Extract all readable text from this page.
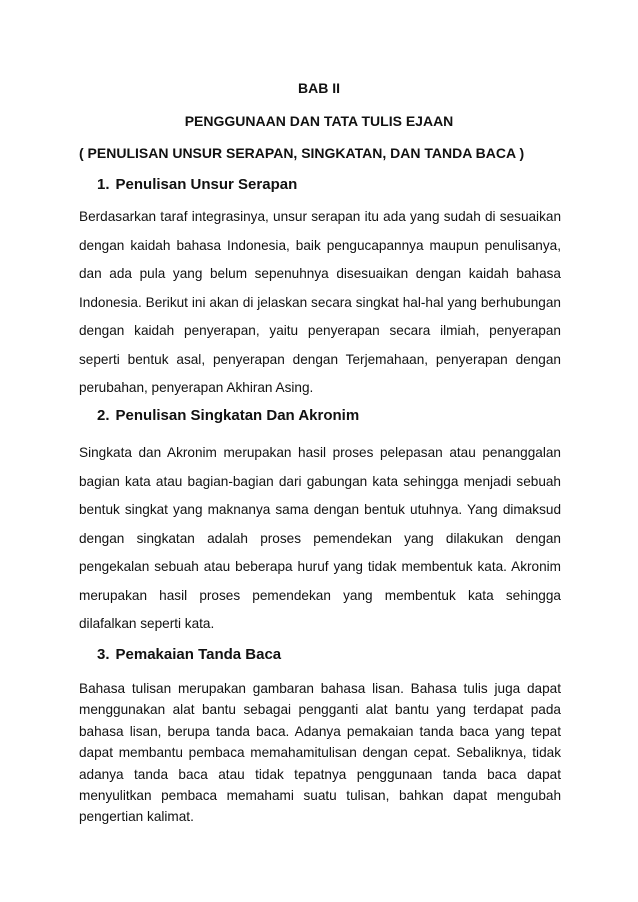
BAB II
PENGGUNAAN DAN TATA TULIS EJAAN
( PENULISAN UNSUR SERAPAN, SINGKATAN, DAN TANDA BACA )
1. Penulisan Unsur Serapan

Berdasarkan taraf integrasinya, unsur serapan itu ada yang sudah di sesuaikan dengan kaidah bahasa Indonesia, baik pengucapannya maupun penulisanya, dan ada pula yang belum sepenuhnya disesuaikan dengan kaidah bahasa Indonesia. Berikut ini akan di jelaskan secara singkat hal-hal yang berhubungan dengan kaidah penyerapan, yaitu penyerapan secara ilmiah, penyerapan seperti bentuk asal, penyerapan dengan Terjemahaan, penyerapan dengan perubahan, penyerapan Akhiran Asing.

2. Penulisan Singkatan Dan Akronim

Singkata dan Akronim merupakan hasil proses pelepasan atau penanggalan bagian kata atau bagian-bagian dari gabungan kata sehingga menjadi sebuah bentuk singkat yang maknanya sama dengan bentuk utuhnya. Yang dimaksud dengan singkatan adalah proses pemendekan yang dilakukan dengan pengekalan sebuah atau beberapa huruf yang tidak membentuk kata. Akronim merupakan hasil proses pemendekan yang membentuk kata sehingga dilafalkan seperti kata.

3. Pemakaian Tanda Baca

Bahasa tulisan merupakan gambaran bahasa lisan. Bahasa tulis juga dapat menggunakan alat bantu sebagai pengganti alat bantu yang terdapat pada bahasa lisan, berupa tanda baca. Adanya pemakaian tanda baca yang tepat dapat membantu pembaca memahamitulisan dengan cepat. Sebaliknya, tidak adanya tanda baca atau tidak tepatnya penggunaan tanda baca dapat menyulitkan pembaca memahami suatu tulisan, bahkan dapat mengubah pengertian kalimat.
